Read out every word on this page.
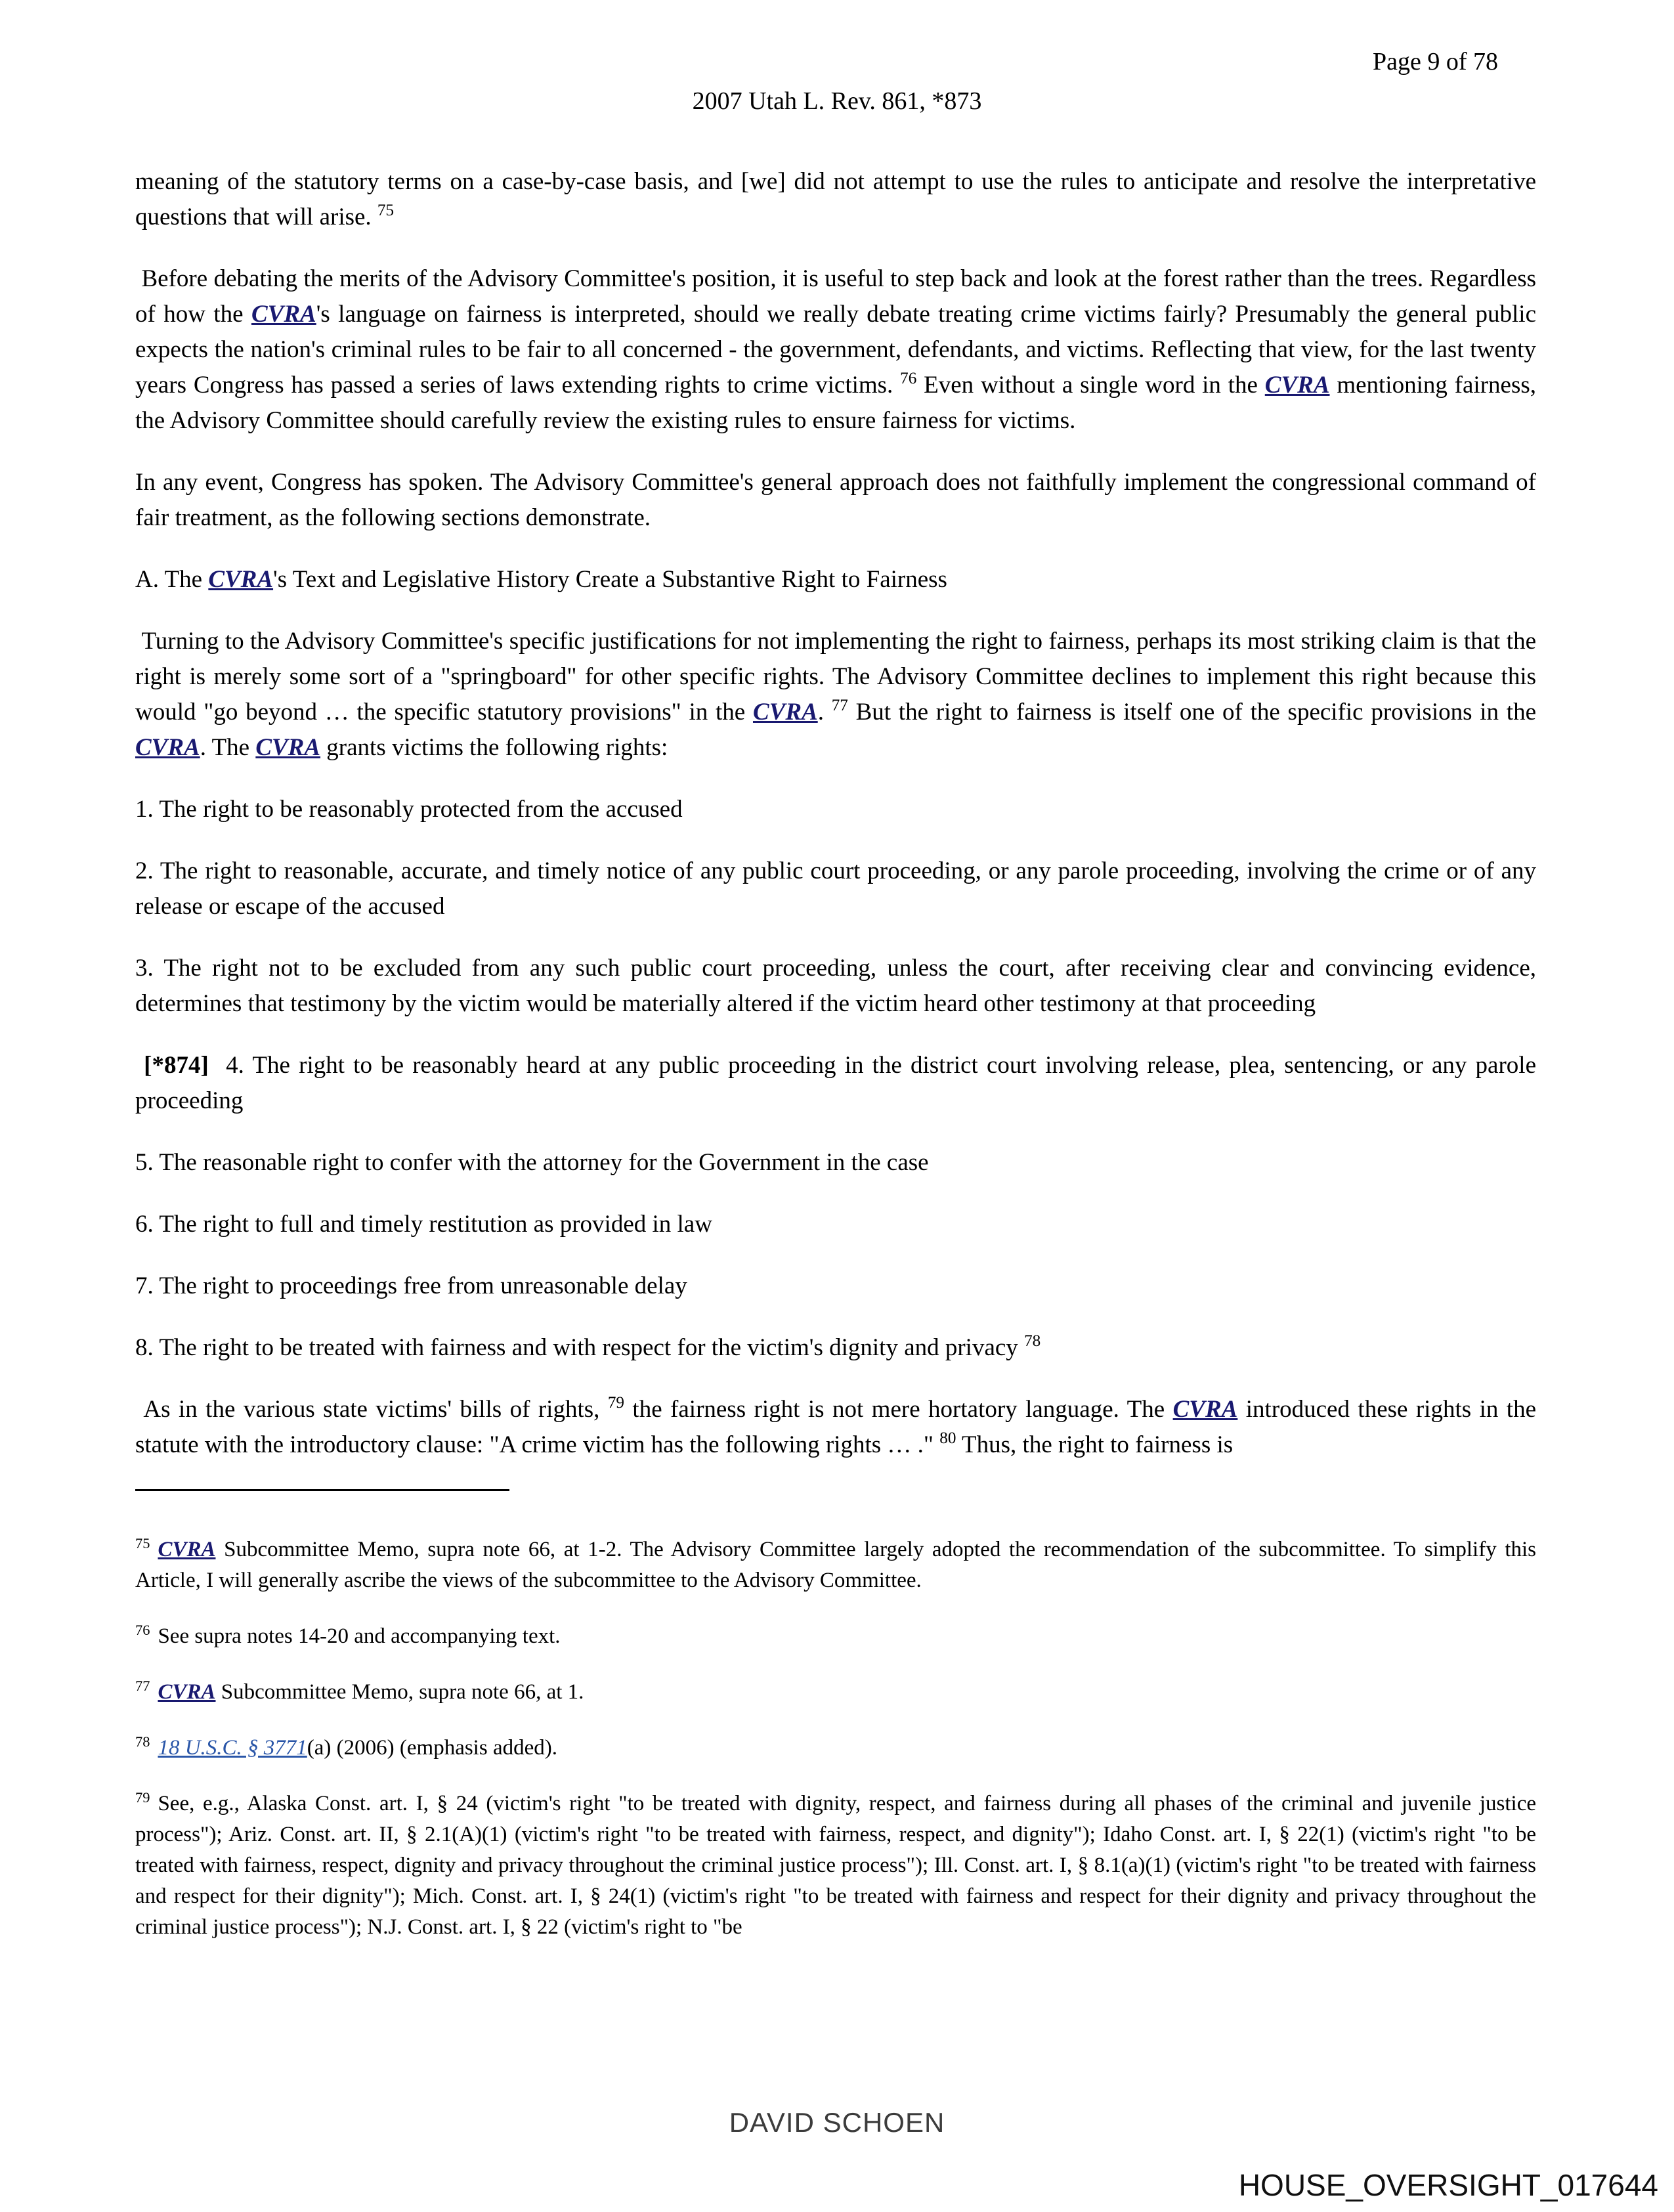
Page 9 of 78
2007 Utah L. Rev. 861, *873

meaning of the statutory terms on a case-by-case basis, and [we] did not attempt to use the rules to anticipate and resolve the interpretative questions that will arise. $^{75}$

Before debating the merits of the Advisory Committee's position, it is useful to step back and look at the forest rather than the trees. Regardless of how the CVRA's language on fairness is interpreted, should we really debate treating crime victims fairly? Presumably the general public expects the nation's criminal rules to be fair to all concerned - the government, defendants, and victims. Reflecting that view, for the last twenty years Congress has passed a series of laws extending rights to crime victims. $^{76}$ Even without a single word in the CVRA mentioning fairness, the Advisory Committee should carefully review the existing rules to ensure fairness for victims.

In any event, Congress has spoken. The Advisory Committee's general approach does not faithfully implement the congressional command of fair treatment, as the following sections demonstrate.

A. The CVRA's Text and Legislative History Create a Substantive Right to Fairness

Turning to the Advisory Committee's specific justifications for not implementing the right to fairness, perhaps its most striking claim is that the right is merely some sort of a "springboard" for other specific rights. The Advisory Committee declines to implement this right because this would "go beyond … the specific statutory provisions" in the CVRA. $^{77}$ But the right to fairness is itself one of the specific provisions in the CVRA. The CVRA grants victims the following rights:

1. The right to be reasonably protected from the accused

2. The right to reasonable, accurate, and timely notice of any public court proceeding, or any parole proceeding, involving the crime or of any release or escape of the accused

3. The right not to be excluded from any such public court proceeding, unless the court, after receiving clear and convincing evidence, determines that testimony by the victim would be materially altered if the victim heard other testimony at that proceeding

[*874]  4. The right to be reasonably heard at any public proceeding in the district court involving release, plea, sentencing, or any parole proceeding

5. The reasonable right to confer with the attorney for the Government in the case

6. The right to full and timely restitution as provided in law

7. The right to proceedings free from unreasonable delay

8. The right to be treated with fairness and with respect for the victim's dignity and privacy $^{78}$

As in the various state victims' bills of rights, $^{79}$ the fairness right is not mere hortatory language. The CVRA introduced these rights in the statute with the introductory clause: "A crime victim has the following rights … ." $^{80}$ Thus, the right to fairness is

$^{75}$ CVRA Subcommittee Memo, supra note 66, at 1-2. The Advisory Committee largely adopted the recommendation of the subcommittee. To simplify this Article, I will generally ascribe the views of the subcommittee to the Advisory Committee.
$^{76}$ See supra notes 14-20 and accompanying text.
$^{77}$ CVRA Subcommittee Memo, supra note 66, at 1.
$^{78}$ 18 U.S.C. § 3771(a) (2006) (emphasis added).
$^{79}$ See, e.g., Alaska Const. art. I, § 24 (victim's right "to be treated with dignity, respect, and fairness during all phases of the criminal and juvenile justice process"); Ariz. Const. art. II, § 2.1(A)(1) (victim's right "to be treated with fairness, respect, and dignity"); Idaho Const. art. I, § 22(1) (victim's right "to be treated with fairness, respect, dignity and privacy throughout the criminal justice process"); Ill. Const. art. I, § 8.1(a)(1) (victim's right "to be treated with fairness and respect for their dignity"); Mich. Const. art. I, § 24(1) (victim's right "to be treated with fairness and respect for their dignity and privacy throughout the criminal justice process"); N.J. Const. art. I, § 22 (victim's right to "be
DAVID SCHOEN
HOUSE_OVERSIGHT_017644
